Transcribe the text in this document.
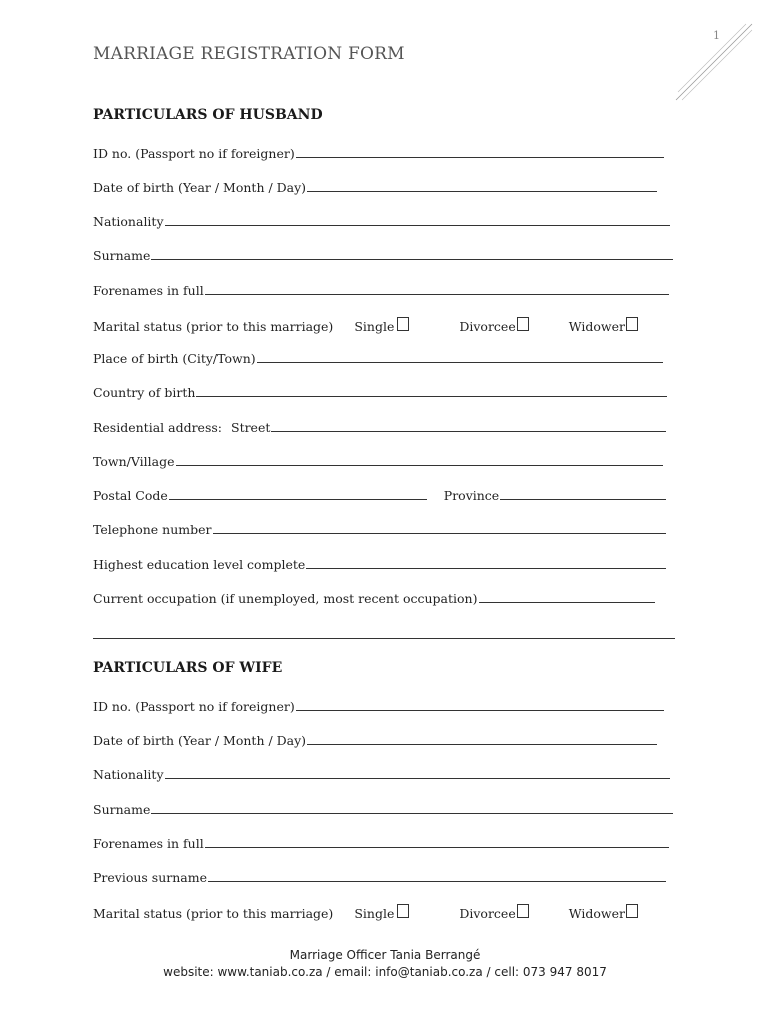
1
MARRIAGE REGISTRATION FORM
PARTICULARS OF HUSBAND
ID no. (Passport no if foreigner)
Date of birth (Year / Month / Day)
Nationality
Surname
Forenames in full
Marital status (prior to this marriage) Single	Divorcee	Widower
Place of birth (City/Town)
Country of birth
Residential address: Street
Town/Village
Postal Code	Province
Telephone number
Highest education level complete
Current occupation (if unemployed, most recent occupation)
PARTICULARS OF WIFE
ID no. (Passport no if foreigner)
Date of birth (Year / Month / Day)
Nationality
Surname
Forenames in full
Previous surname
Marital status (prior to this marriage) Single	Divorcee	Widower
Marriage Officer Tania Berrangé
website: www.taniab.co.za / email: info@taniab.co.za / cell: 073 947 8017
